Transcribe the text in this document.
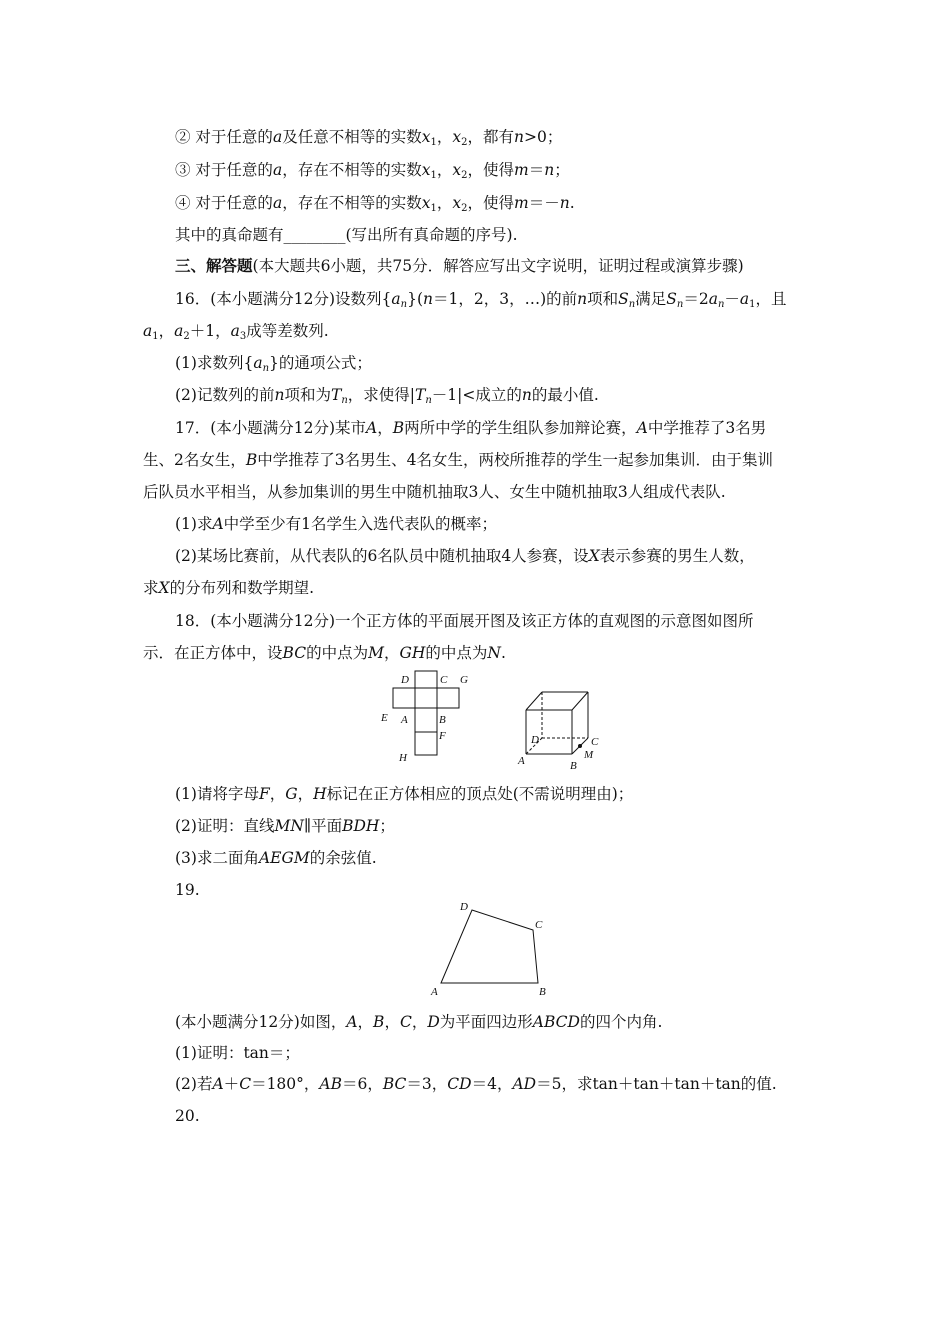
② 对于任意的a及任意不相等的实数$x_1$，$x_2$，都有n>0；
③ 对于任意的a，存在不相等的实数$x_1$，$x_2$，使得m＝n；
④ 对于任意的a，存在不相等的实数$x_1$，$x_2$，使得m＝－n.
其中的真命题有________(写出所有真命题的序号).
三、解答题(本大题共6小题，共75分．解答应写出文字说明，证明过程或演算步骤)
16．(本小题满分12分)设数列$\{a_n\}(n=1$，2，3，…)的前n项和$S_n$满足$S_n=2a_n-a_1$，且
$a_1$，$a_2+1$，$a_3$成等差数列.
(1)求数列$\{a_n\}$的通项公式；
(2)记数列的前n项和为$T_n$，求使得$|T_n-1|<$成立的n的最小值.
17．(本小题满分12分)某市A，B两所中学的学生组队参加辩论赛，A中学推荐了3名男
生、2名女生，B中学推荐了3名男生、4名女生，两校所推荐的学生一起参加集训．由于集训
后队员水平相当，从参加集训的男生中随机抽取3人、女生中随机抽取3人组成代表队.
(1)求A中学至少有1名学生入选代表队的概率；
(2)某场比赛前，从代表队的6名队员中随机抽取4人参赛，设X表示参赛的男生人数，
求X的分布列和数学期望.
18．(本小题满分12分)一个正方体的平面展开图及该正方体的直观图的示意图如图所
示．在正方体中，设BC的中点为M，GH的中点为N.
D	C G
E A	B
F
H
D	C
M
A	B
(1)请将字母F，G，H标记在正方体相应的顶点处(不需说明理由)；
(2)证明：直线MN∥平面BDH；
(3)求二面角AEGM的余弦值.
19.
D
C
A	B
(本小题满分12分)如图，A，B，C，D为平面四边形ABCD的四个内角.
(1)证明：tan＝；
(2)若A＋C＝180°，AB＝6，BC＝3，CD＝4，AD＝5，求tan＋tan＋tan＋tan的值.
20.
